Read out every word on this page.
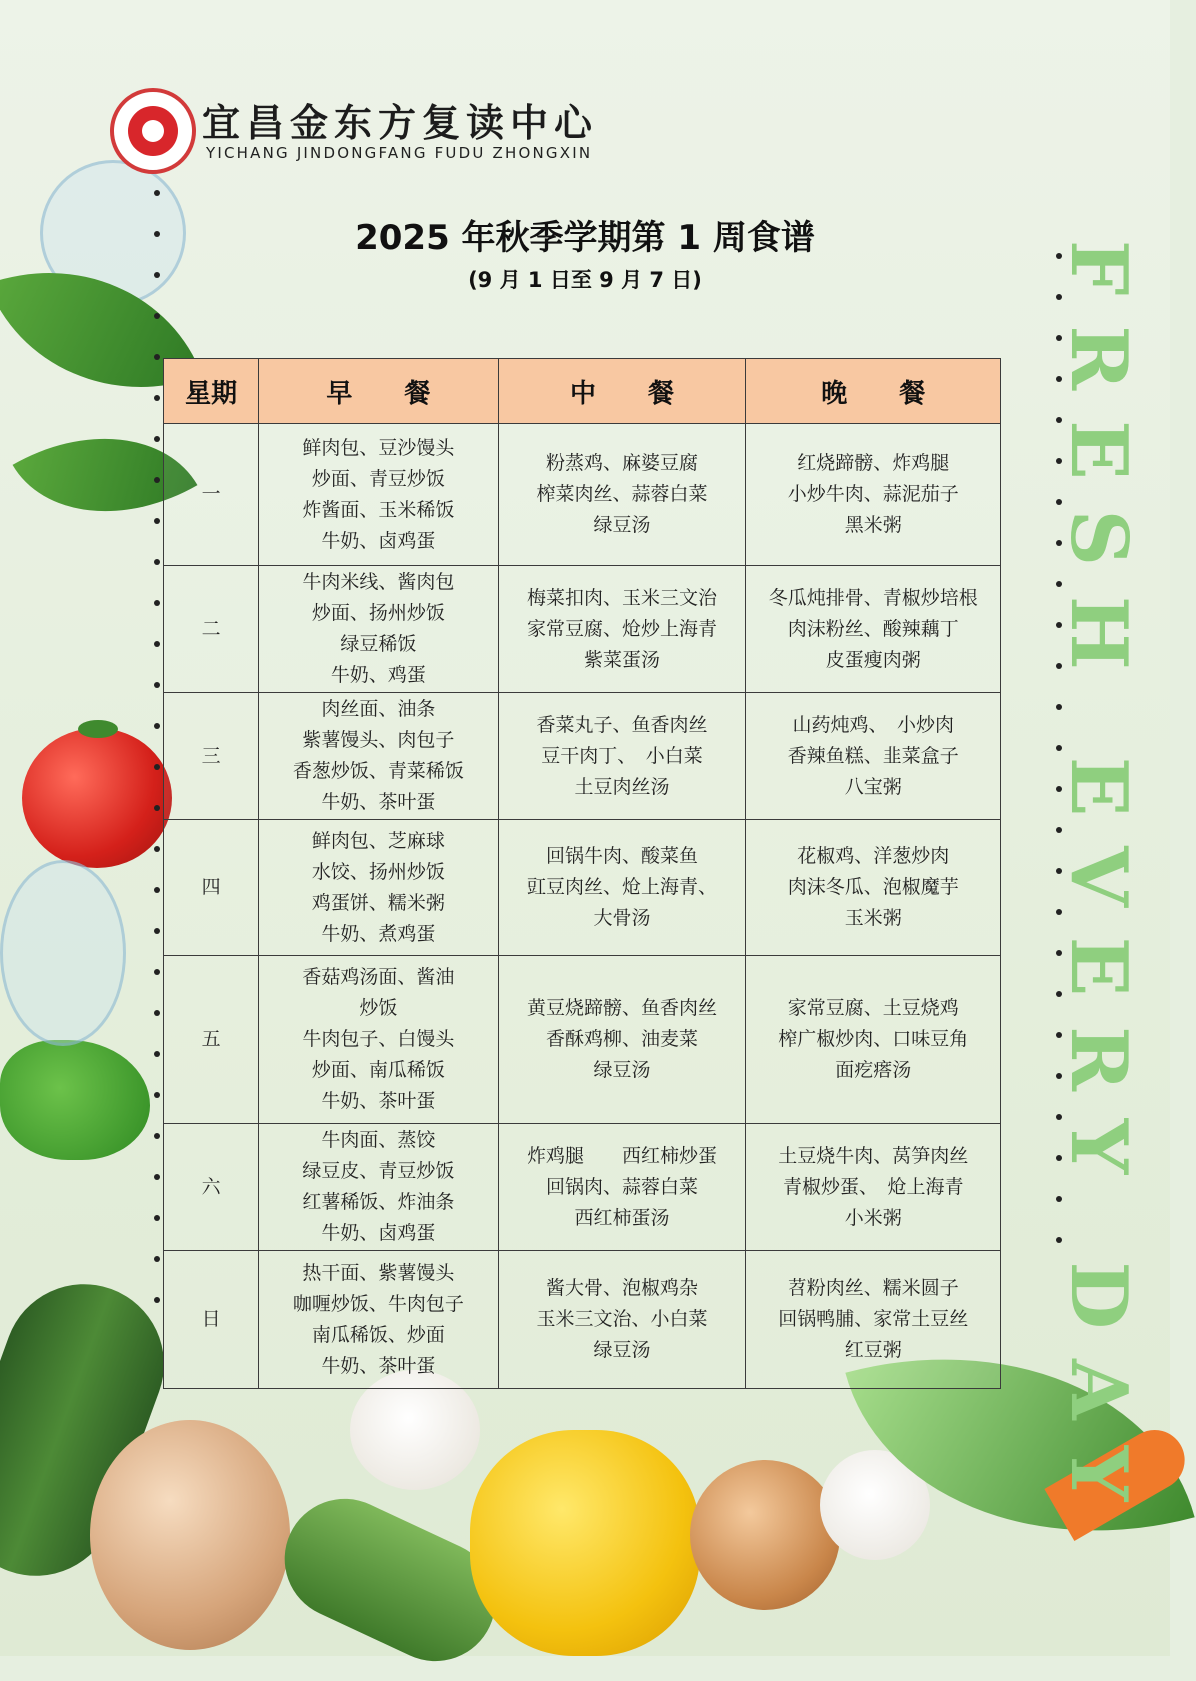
宜昌金东方复读中心
YICHANG JINDONGFANG FUDU ZHONGXIN
2025 年秋季学期第 1 周食谱
(9 月 1 日至 9 月 7 日)	FRESH EVERY DAY
星期	早　　餐	中　　餐	晚　　餐
一	鲜肉包、豆沙馒头
炒面、青豆炒饭
炸酱面、玉米稀饭
牛奶、卤鸡蛋	粉蒸鸡、麻婆豆腐
榨菜肉丝、蒜蓉白菜
绿豆汤	红烧蹄髈、炸鸡腿
小炒牛肉、蒜泥茄子
黑米粥

二	牛肉米线、酱肉包
炒面、扬州炒饭
绿豆稀饭
牛奶、鸡蛋	梅菜扣肉、玉米三文治
家常豆腐、炝炒上海青
紫菜蛋汤	冬瓜炖排骨、青椒炒培根
肉沫粉丝、酸辣藕丁
皮蛋瘦肉粥

三	肉丝面、油条
紫薯馒头、肉包子
香葱炒饭、青菜稀饭
牛奶、茶叶蛋	香菜丸子、鱼香肉丝
豆干肉丁、　小白菜
土豆肉丝汤	山药炖鸡、　小炒肉
香辣鱼糕、韭菜盒子
八宝粥

四	鲜肉包、芝麻球
水饺、扬州炒饭
鸡蛋饼、糯米粥
牛奶、煮鸡蛋	回锅牛肉、酸菜鱼
豇豆肉丝、炝上海青、
大骨汤	花椒鸡、洋葱炒肉
肉沫冬瓜、泡椒魔芋
玉米粥

五	香菇鸡汤面、酱油
炒饭
牛肉包子、白馒头
炒面、南瓜稀饭
牛奶、茶叶蛋	黄豆烧蹄髈、鱼香肉丝
香酥鸡柳、油麦菜
绿豆汤	家常豆腐、土豆烧鸡
榨广椒炒肉、口味豆角
面疙瘩汤

六	牛肉面、蒸饺
绿豆皮、青豆炒饭
红薯稀饭、炸油条
牛奶、卤鸡蛋	炸鸡腿　　西红柿炒蛋
回锅肉、蒜蓉白菜
西红柿蛋汤	土豆烧牛肉、莴笋肉丝
青椒炒蛋、　炝上海青
小米粥

日	热干面、紫薯馒头
咖喱炒饭、牛肉包子
南瓜稀饭、炒面
牛奶、茶叶蛋	酱大骨、泡椒鸡杂
玉米三文治、小白菜
绿豆汤	苕粉肉丝、糯米圆子
回锅鸭脯、家常土豆丝
红豆粥
